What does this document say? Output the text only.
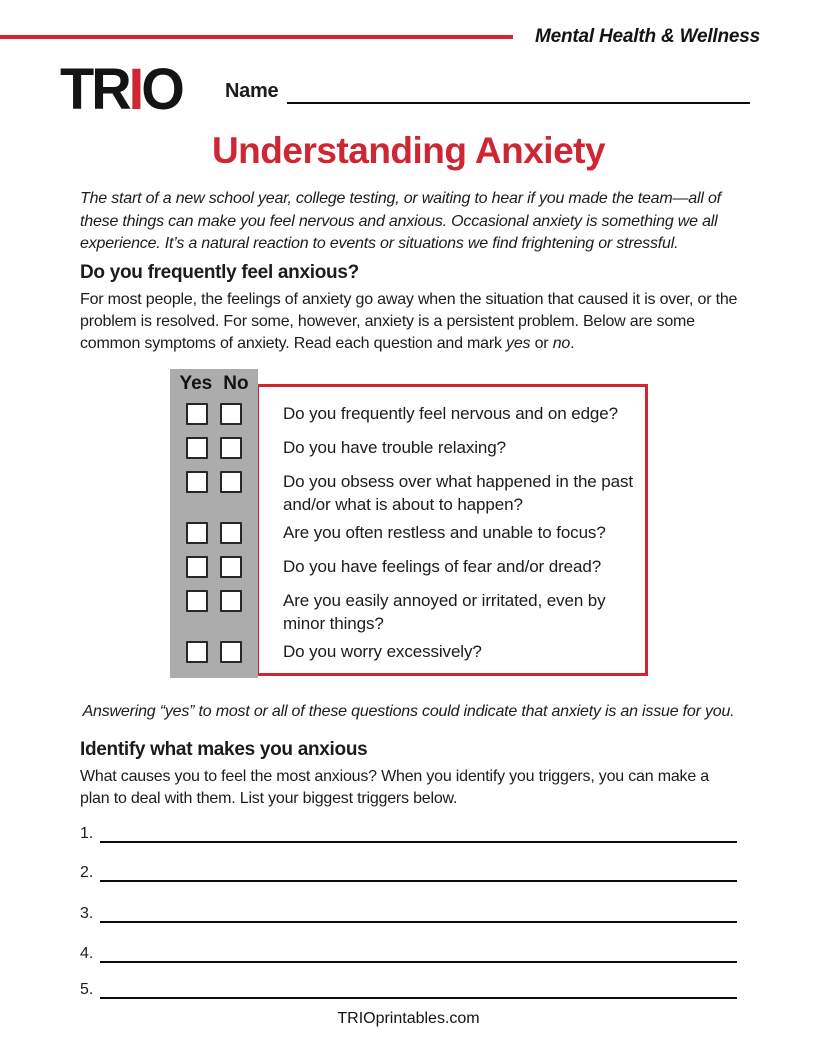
Mental Health & Wellness
TRIO Name
Understanding Anxiety
The start of a new school year, college testing, or waiting to hear if you made the team—all of these things can make you feel nervous and anxious. Occasional anxiety is something we all experience. It’s a natural reaction to events or situations we find frightening or stressful.
Do you frequently feel anxious?
For most people, the feelings of anxiety go away when the situation that caused it is over, or the problem is resolved. For some, however, anxiety is a persistent problem. Below are some common symptoms of anxiety. Read each question and mark yes or no.
Yes No
Do you frequently feel nervous and on edge?
Do you have trouble relaxing?
Do you obsess over what happened in the past and/or what is about to happen?
Are you often restless and unable to focus?
Do you have feelings of fear and/or dread?
Are you easily annoyed or irritated, even by minor things?
Do you worry excessively?
Answering “yes” to most or all of these questions could indicate that anxiety is an issue for you.
Identify what makes you anxious
What causes you to feel the most anxious? When you identify you triggers, you can make a plan to deal with them. List your biggest triggers below.
1.
2.
3.
4.
5.
TRIOprintables.com
